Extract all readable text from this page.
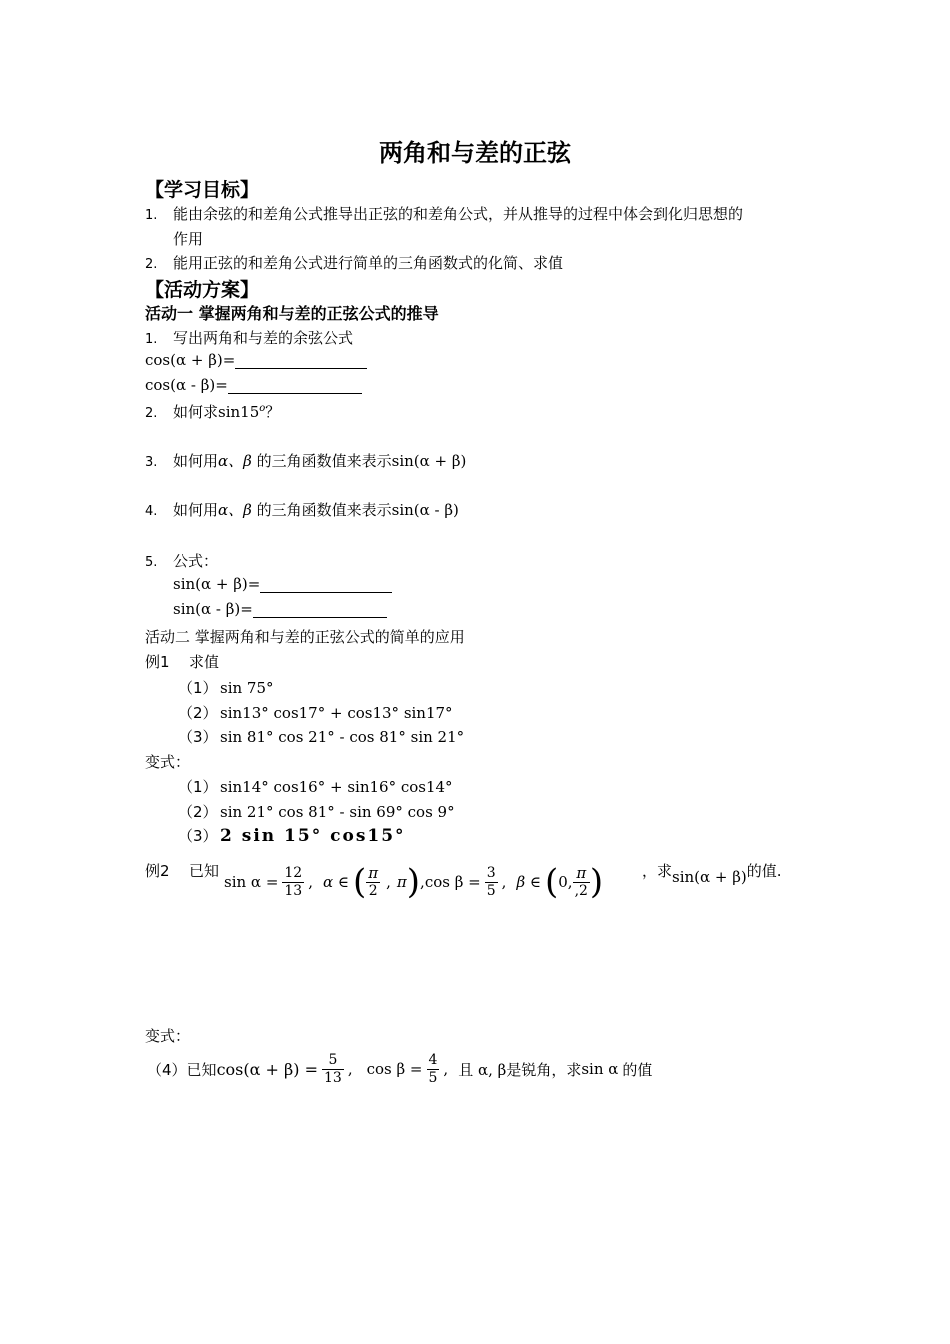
两角和与差的正弦
【学习目标】
1. 能由余弦的和差角公式推导出正弦的和差角公式，并从推导的过程中体会到化归思想的
作用
2. 能用正弦的和差角公式进行简单的三角函数式的化简、求值
【活动方案】
活动一 掌握两角和与差的正弦公式的推导
1. 写出两角和与差的余弦公式
cos(α + β)=
cos(α - β)=
2. 如何求sin15$^o$？
3. 如何用α、β 的三角函数值来表示sin(α + β)
4. 如何用α、β 的三角函数值来表示sin(α - β)
5. 公式：
sin(α + β)=
sin(α - β)=
活动二 掌握两角和与差的正弦公式的简单的应用
例1 求值
（1） sin 75°
（2） sin13° cos17° + cos13° sin17°
（3） sin 81° cos 21° - cos 81° sin 21°
变式：
（1） sin14° cos16° + sin16° cos14°
（2） sin 21° cos 81° - sin 69° cos 9°
（3） 2 sin 15° cos15°
例2 已知
$\sin \alpha = \frac{12}{13}$ , α ∈ ( $\frac{\pi}{2}$ , π ) , $\cos \beta = \frac{3}{5}$ , β ∈ ( 0, $\frac{\pi}{,2}$ )	，求sin(α + β)的值.
变式：
（4） 已知 $\cos(\alpha + \beta) = \frac{5}{13}$ , $\cos \beta = \frac{4}{5}$ , 且 α, β 是锐角，求 sin α 的值
